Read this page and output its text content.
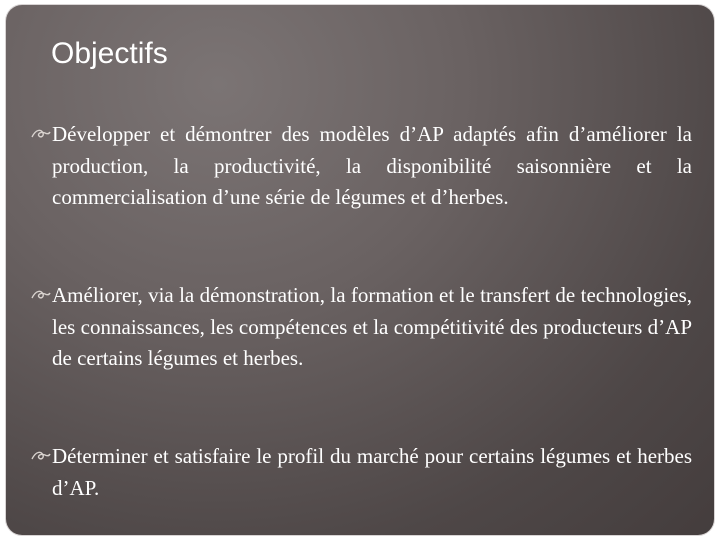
Objectifs
Développer et démontrer des modèles d’AP adaptés afin d’améliorer la production, la productivité, la disponibilité saisonnière et la commercialisation d’une série de légumes et d’herbes.
Améliorer, via la démonstration, la formation et le transfert de technologies, les connaissances, les compétences et la compétitivité des producteurs d’AP de certains légumes et herbes.
Déterminer et satisfaire le profil du marché pour certains légumes et herbes d’AP.
